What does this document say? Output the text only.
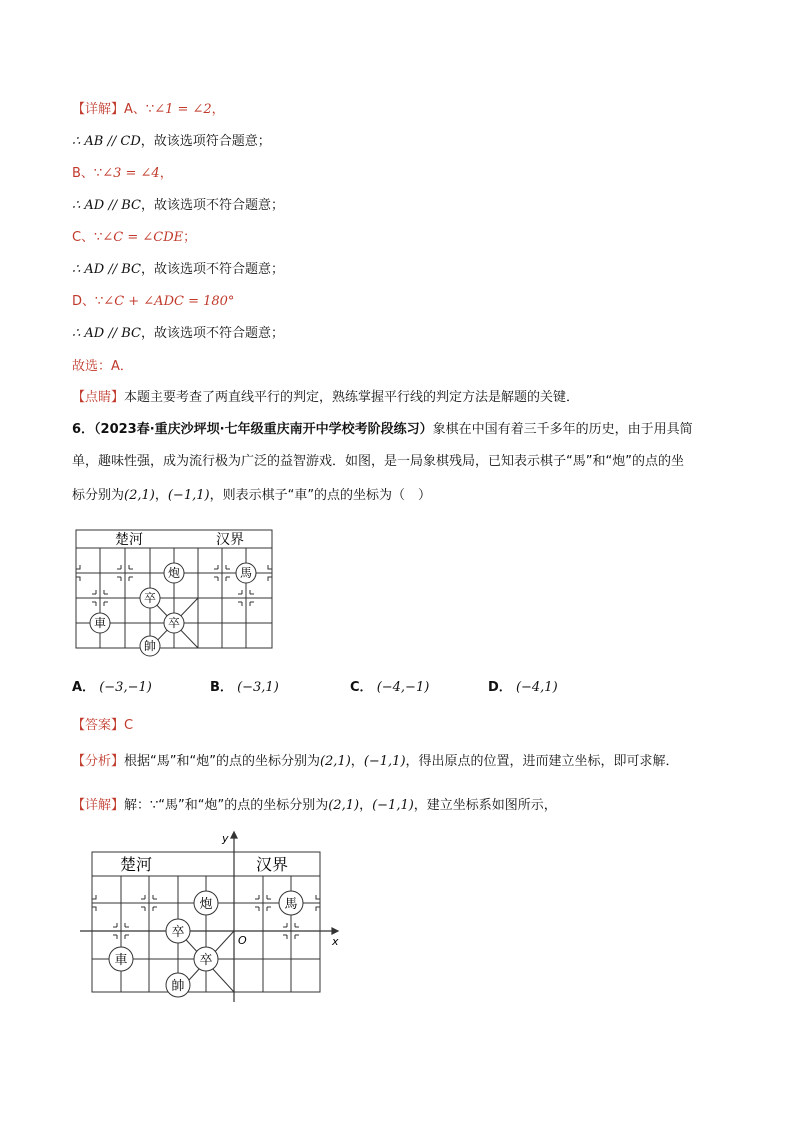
【详解】A、∵∠1 = ∠2，
∴ AB // CD，故该选项符合题意；
B、∵∠3 = ∠4，
∴ AD // BC，故该选项不符合题意；
C、∵∠C = ∠CDE；
∴ AD // BC，故该选项不符合题意；
D、∵∠C + ∠ADC = 180°
∴ AD // BC，故该选项不符合题意；
故选：A．
【点睛】本题主要考查了两直线平行的判定，熟练掌握平行线的判定方法是解题的关键．
6．（2023春·重庆沙坪坝·七年级重庆南开中学校考阶段练习）象棋在中国有着三千多年的历史，由于用具简
单，趣味性强，成为流行极为广泛的益智游戏．如图，是一局象棋残局，已知表示棋子“馬”和“炮”的点的坐
标分别为(2,1)，(−1,1)，则表示棋子“車”的点的坐标为（　）
楚河	汉界
炮	馬
卒
卒
車
帥
A． (−3,−1)	B． (−3,1)	C． (−4,−1)	D． (−4,1)
【答案】C
【分析】根据“馬”和“炮”的点的坐标分别为(2,1)，(−1,1)，得出原点的位置，进而建立坐标，即可求解．
【详解】解：∵“馬”和“炮”的点的坐标分别为(2,1)，(−1,1)，建立坐标系如图所示，
x
y
O
楚河	汉界
炮	馬
卒
卒
車
帥
